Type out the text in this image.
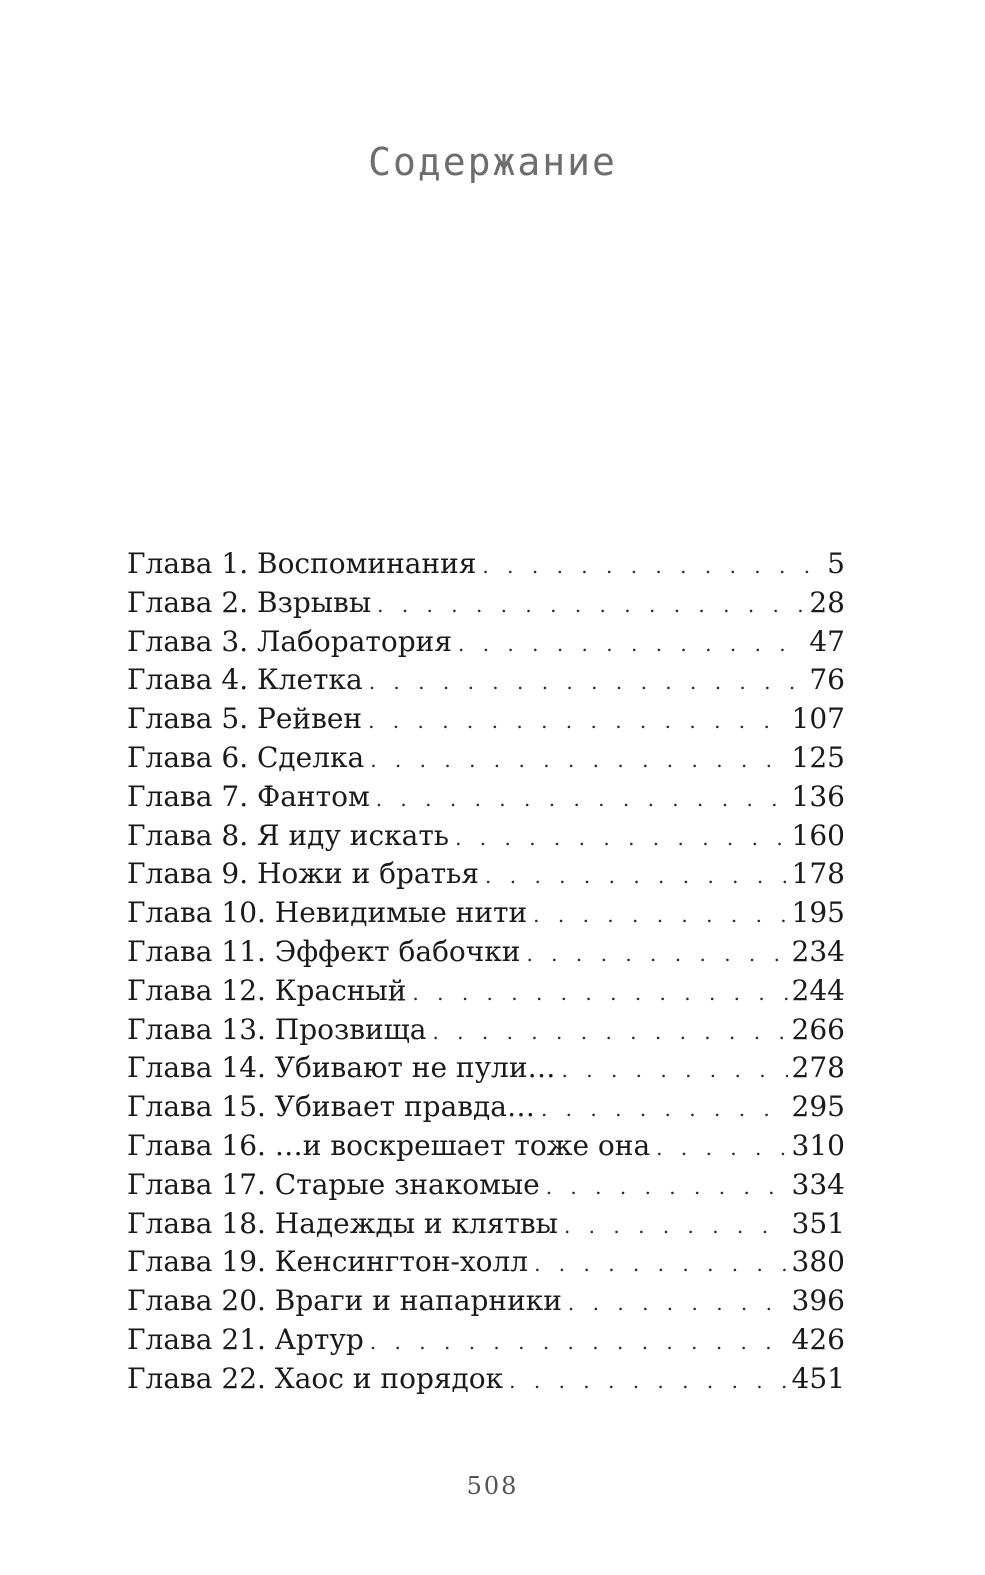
Содержание
Глава 1. Воспоминания . . .	5
Глава 2. Взрывы . . .	28
Глава 3. Лаборатория . . .	47
Глава 4. Клетка . . .	76
Глава 5. Рейвен . . .	107
Глава 6. Сделка . . .	125
Глава 7. Фантом . . .	136
Глава 8. Я иду искать . . .	160
Глава 9. Ножи и братья . . .	178
Глава 10. Невидимые нити . . .	195
Глава 11. Эффект бабочки . . .	234
Глава 12. Красный . . .	244
Глава 13. Прозвища . . .	266
Глава 14. Убивают не пули… . . .	278
Глава 15. Убивает правда… . . .	295
Глава 16. …и воскрешает тоже она . . .	310
Глава 17. Старые знакомые . . .	334
Глава 18. Надежды и клятвы . . .	351
Глава 19. Кенсингтон-холл . . .	380
Глава 20. Враги и напарники . . .	396
Глава 21. Артур . . .	426
Глава 22. Хаос и порядок . . .	451
508
